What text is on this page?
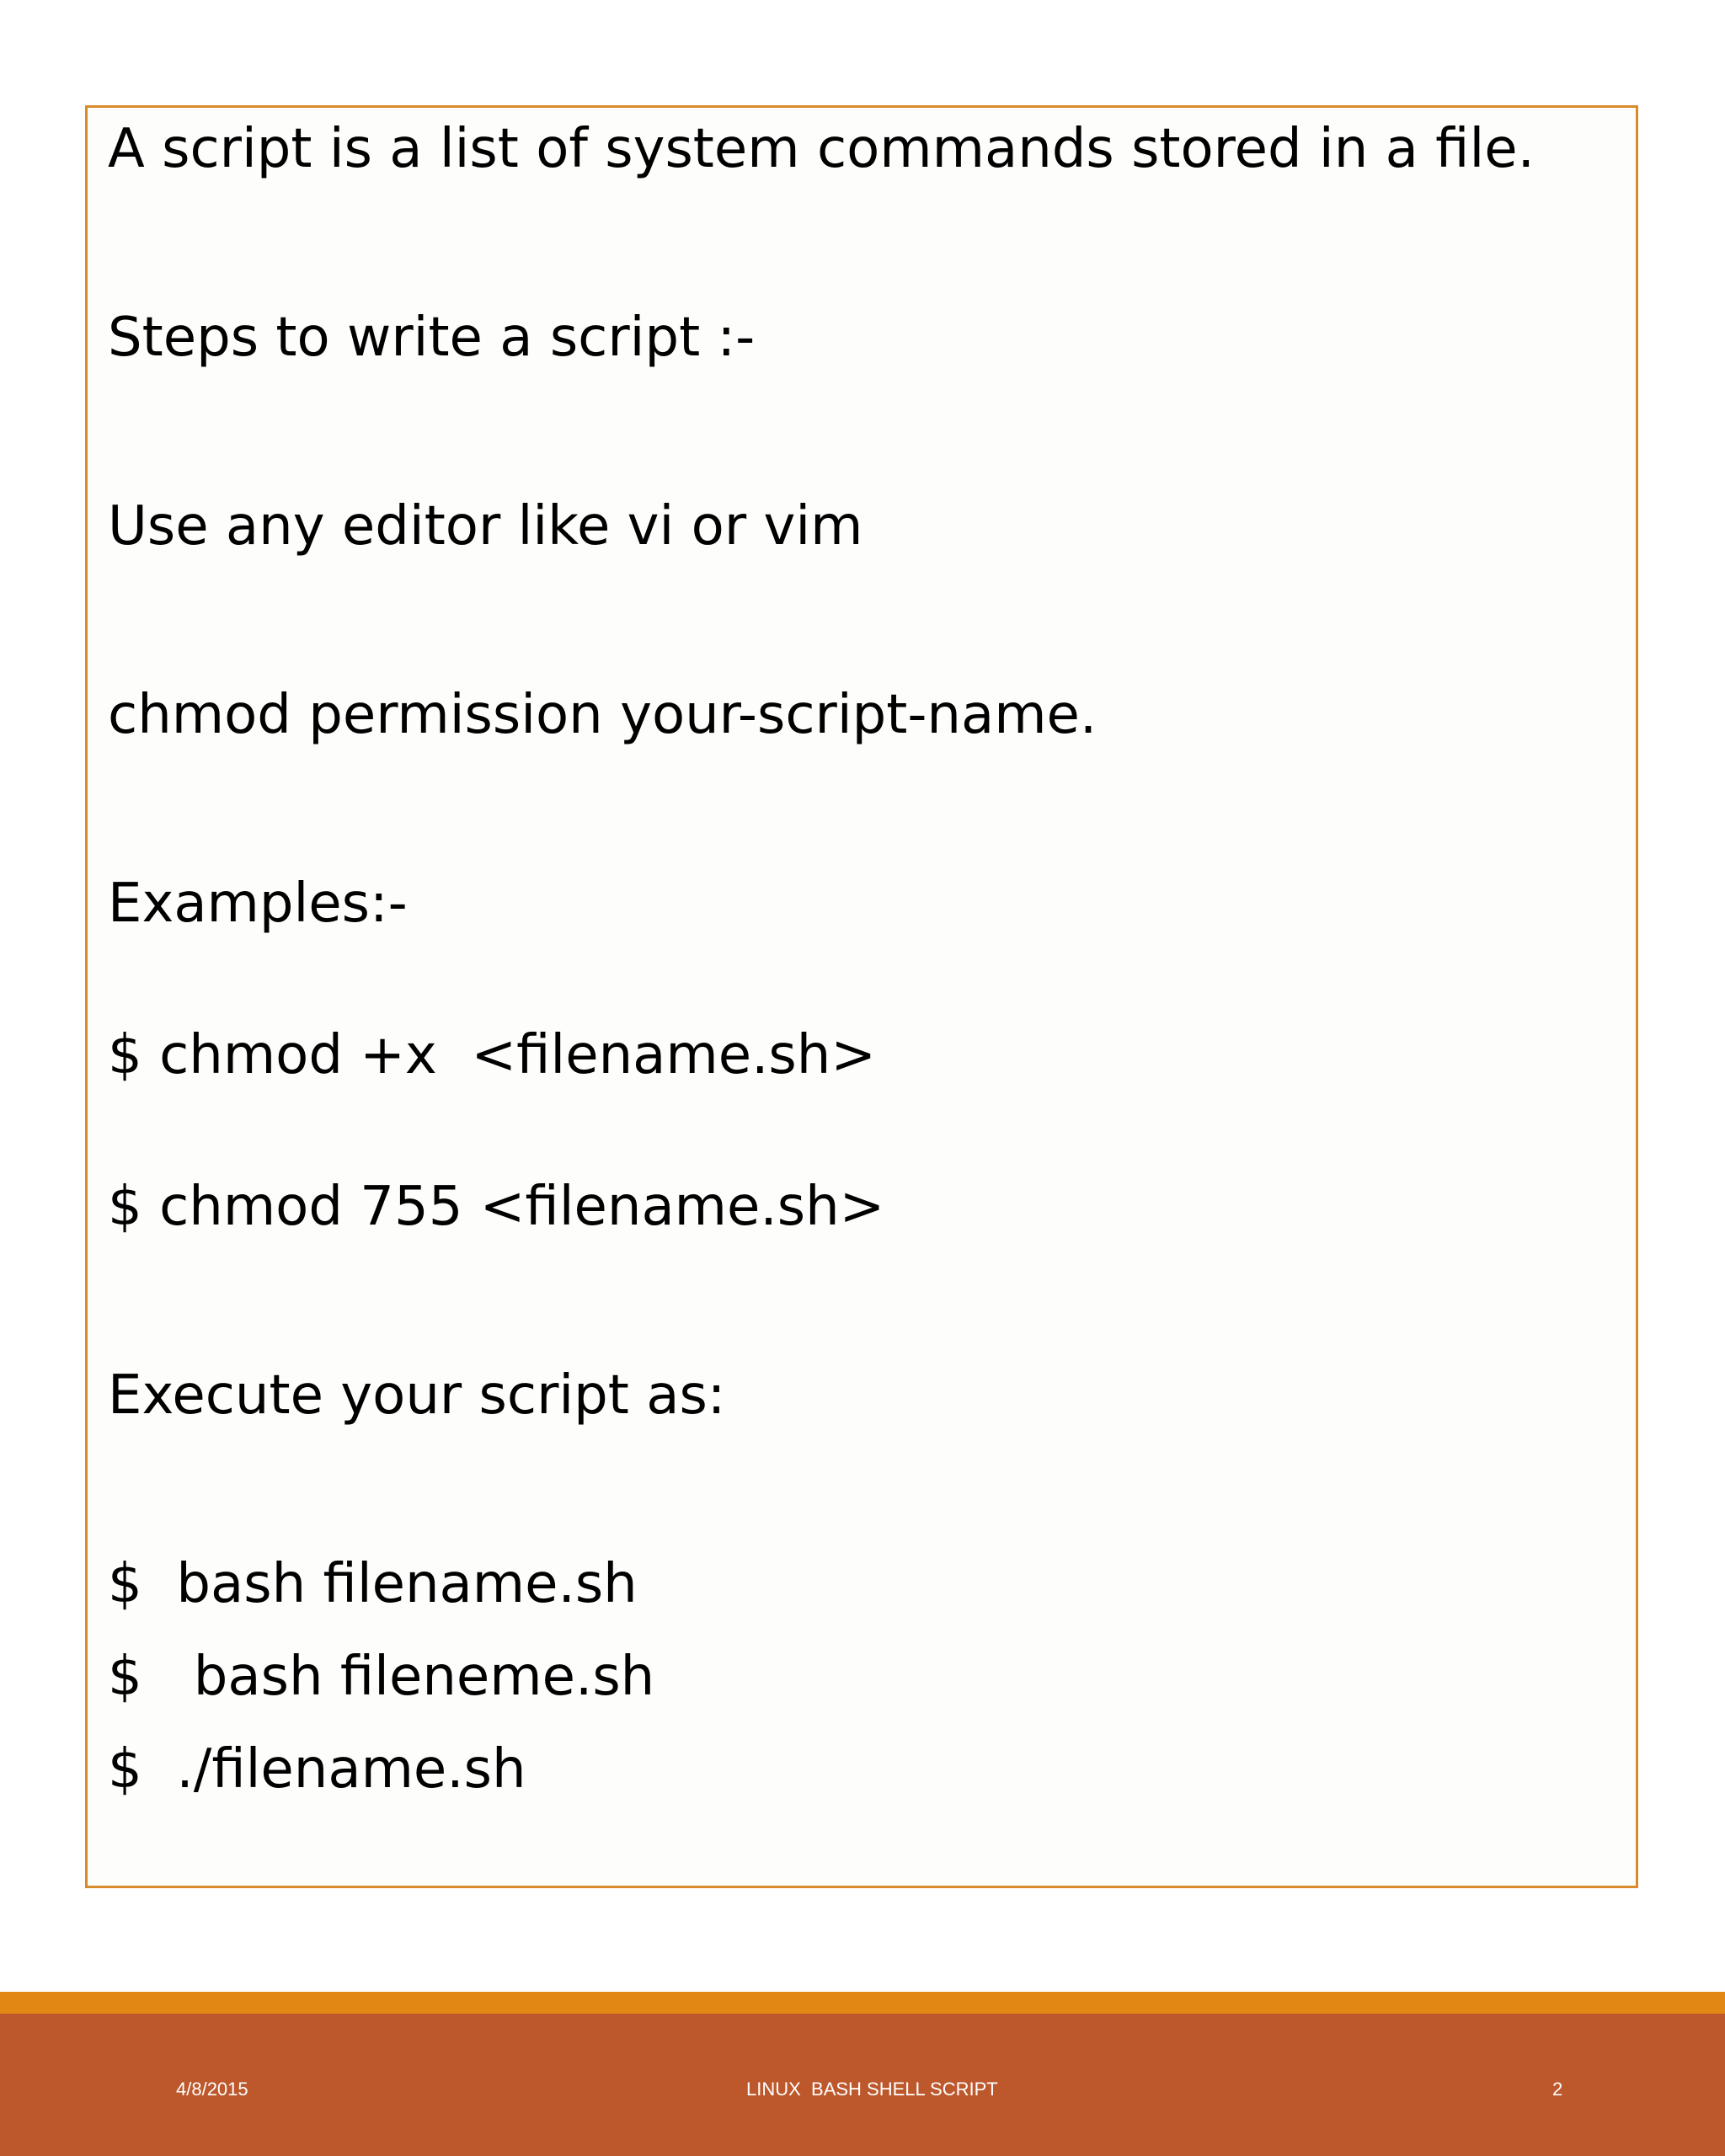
A script is a list of system commands stored in a file.

Steps to write a script :-

Use any editor like vi or vim

chmod permission your-script-name.

Examples:-

$ chmod +x  <filename.sh>

$ chmod 755 <filename.sh>

Execute your script as:

$  bash filename.sh

$   bash fileneme.sh

$  ./filename.sh

4/8/2015	LINUX  BASH SHELL SCRIPT	2
